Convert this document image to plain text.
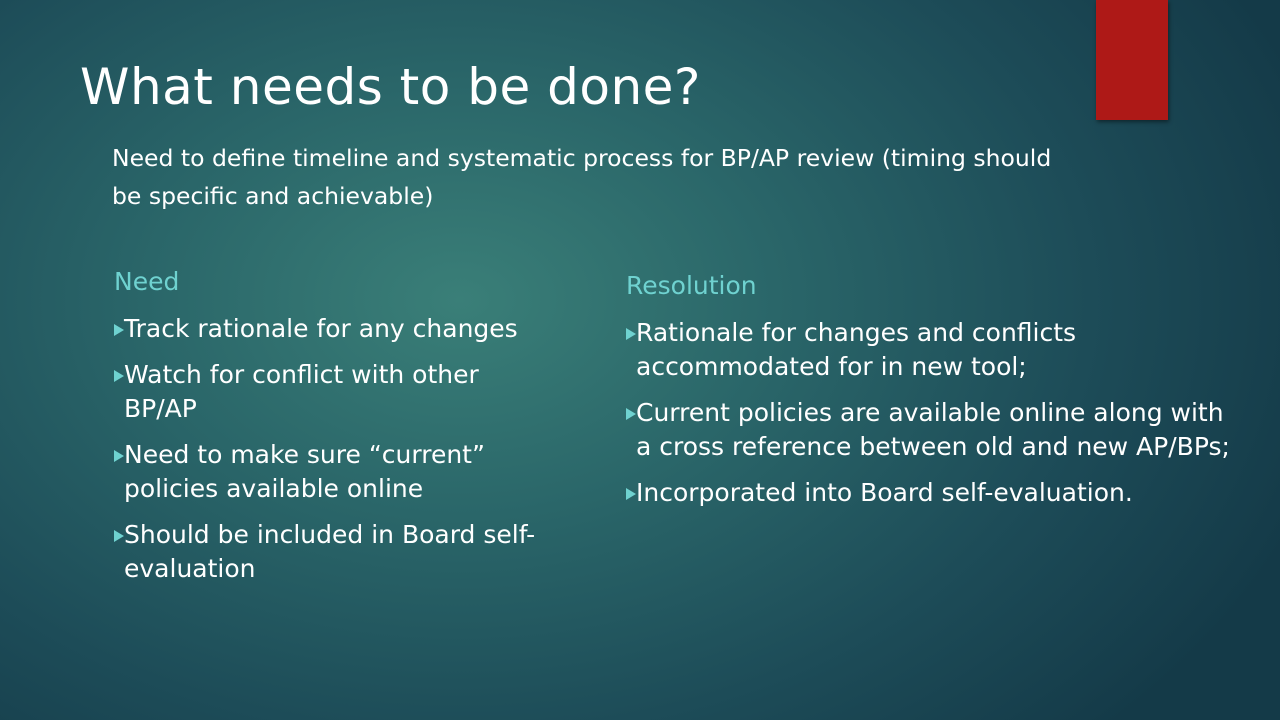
What needs to be done?

Need to define timeline and systematic process for BP/AP review (timing should be specific and achievable)

Need
Track rationale for any changes
Watch for conflict with other BP/AP
Need to make sure “current” policies available online
Should be included in Board self-evaluation
Resolution
Rationale for changes and conflicts accommodated for in new tool;
Current policies are available online along with a cross reference between old and new AP/BPs;
Incorporated into Board self-evaluation.
